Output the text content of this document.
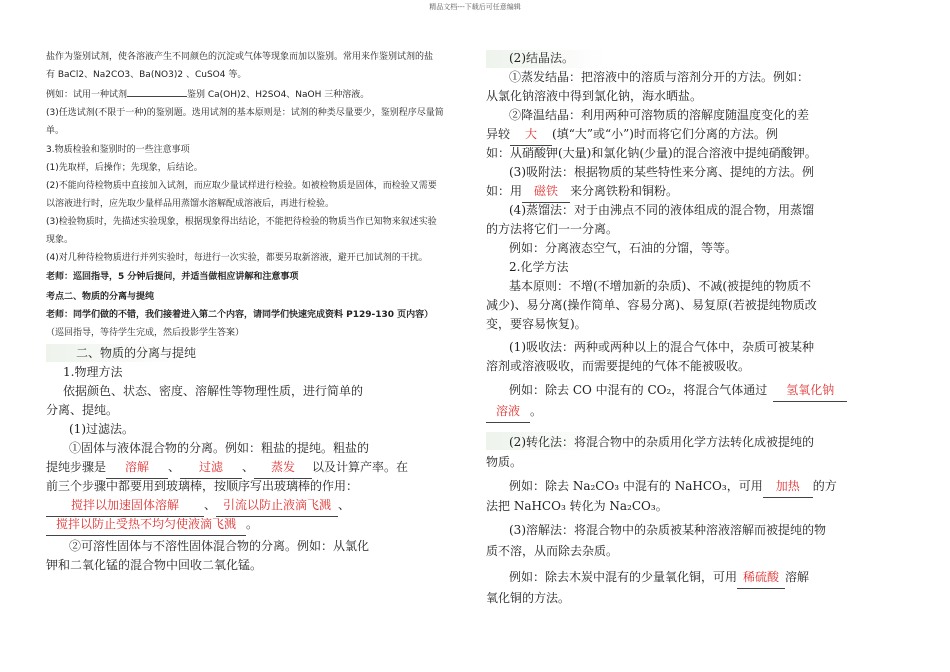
精品文档---下载后可任意编辑
盐作为鉴别试剂，使各溶液产生不同颜色的沉淀或气体等现象而加以鉴别。常用来作鉴别试剂的盐
有 BaCl2、Na2CO3、Ba(NO3)2 、CuSO4 等。
例如：试用一种试剂	鉴别 Ca(OH)2、H2SO4、NaOH 三种溶液。
(3)任选试剂(不限于一种)的鉴别题。选用试剂的基本原则是：试剂的种类尽量要少，鉴别程序尽量简
单。
3.物质检验和鉴别时的一些注意事项
(1)先取样，后操作；先现象，后结论。
(2)不能向待检物质中直接加入试剂，而应取少量试样进行检验。如被检物质是固体，而检验又需要
以溶液进行时，应先取少量样品用蒸馏水溶解配成溶液后，再进行检验。
(3)检验物质时，先描述实验现象，根据现象得出结论，不能把待检验的物质当作已知物来叙述实验
现象。
(4)对几种待检物质进行并列实验时，每进行一次实验，都要另取新溶液，避开已加试剂的干扰。
老师：巡回指导，5 分钟后提问，并适当做相应讲解和注意事项
考点二、物质的分离与提纯
老师：同学们做的不错，我们接着进入第二个内容，请同学们快速完成资料 P129-130 页内容）
（巡回指导，等待学生完成，然后投影学生答案）
二、物质的分离与提纯
1.物理方法
依据颜色、状态、密度、溶解性等物理性质，进行简单的
分离、提纯。
(1)过滤法。
①固体与液体混合物的分离。例如：粗盐的提纯。粗盐的
提纯步骤是 溶解 、 过滤 、 蒸发 以及计算产率。在
前三个步骤中都要用到玻璃棒，按顺序写出玻璃棒的作用：
搅拌以加速固体溶解 、 引流以防止液滴飞溅 、
搅拌以防止受热不均匀使液滴飞溅 。
②可溶性固体与不溶性固体混合物的分离。例如：从氯化
钾和二氧化锰的混合物中回收二氧化锰。
(2)结晶法。
①蒸发结晶：把溶液中的溶质与溶剂分开的方法。例如：
从氯化钠溶液中得到氯化钠，海水晒盐。
②降温结晶：利用两种可溶物质的溶解度随温度变化的差
异较 大 (填“大”或“小”)时而将它们分离的方法。例
如：从硝酸钾(大量)和氯化钠(少量)的混合溶液中提纯硝酸钾。
(3)吸附法：根据物质的某些特性来分离、提纯的方法。例
如：用 磁铁 来分离铁粉和铜粉。
(4)蒸馏法：对于由沸点不同的液体组成的混合物，用蒸馏
的方法将它们一一分离。
例如：分离液态空气，石油的分馏，等等。
2.化学方法
基本原则：不增(不增加新的杂质)、不减(被提纯的物质不
减少)、易分离(操作简单、容易分离)、易复原(若被提纯物质改
变，要容易恢复)。
(1)吸收法：两种或两种以上的混合气体中，杂质可被某种
溶剂或溶液吸收，而需要提纯的气体不能被吸收。
例如：除去 CO 中混有的 CO₂，将混合气体通过 氢氧化钠
溶液 。
(2)转化法：将混合物中的杂质用化学方法转化成被提纯的
物质。
例如：除去 Na₂CO₃ 中混有的 NaHCO₃，可用 加热 的方
法把 NaHCO₃ 转化为 Na₂CO₃。
(3)溶解法：将混合物中的杂质被某种溶液溶解而被提纯的物
质不溶，从而除去杂质。
例如：除去木炭中混有的少量氧化铜，可用 稀硫酸 溶解
氧化铜的方法。
